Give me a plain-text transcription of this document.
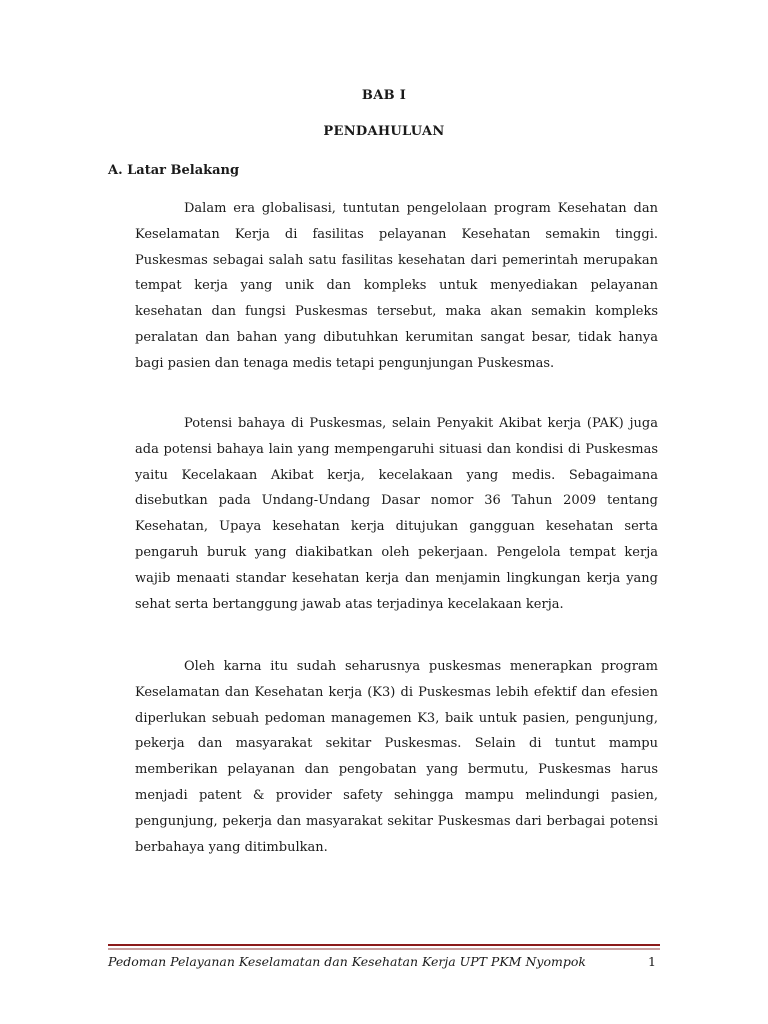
BAB I
PENDAHULUAN
A. Latar Belakang

Dalam era globalisasi, tuntutan pengelolaan program Kesehatan dan Keselamatan Kerja di fasilitas pelayanan Kesehatan semakin tinggi. Puskesmas sebagai salah satu fasilitas kesehatan dari pemerintah merupakan tempat kerja yang unik dan kompleks untuk menyediakan pelayanan kesehatan dan fungsi Puskesmas tersebut, maka akan semakin kompleks peralatan dan bahan yang dibutuhkan kerumitan sangat besar, tidak hanya bagi pasien dan tenaga medis tetapi pengunjungan Puskesmas.

Potensi bahaya di Puskesmas, selain Penyakit Akibat kerja (PAK) juga ada potensi bahaya lain yang mempengaruhi situasi dan kondisi di Puskesmas yaitu Kecelakaan Akibat kerja, kecelakaan yang medis. Sebagaimana disebutkan pada Undang-Undang Dasar nomor 36 Tahun 2009 tentang Kesehatan, Upaya kesehatan kerja ditujukan gangguan kesehatan serta pengaruh buruk yang diakibatkan oleh pekerjaan. Pengelola tempat kerja wajib menaati standar kesehatan kerja dan menjamin lingkungan kerja yang sehat serta bertanggung jawab atas terjadinya kecelakaan kerja.

Oleh karna itu sudah seharusnya puskesmas menerapkan program Keselamatan dan Kesehatan kerja (K3) di Puskesmas lebih efektif dan efesien diperlukan sebuah pedoman managemen K3, baik untuk pasien, pengunjung, pekerja dan masyarakat sekitar Puskesmas. Selain di tuntut mampu memberikan pelayanan dan pengobatan yang bermutu, Puskesmas harus menjadi patent & provider safety sehingga mampu melindungi pasien, pengunjung, pekerja dan masyarakat sekitar Puskesmas dari berbagai potensi berbahaya yang ditimbulkan.

Pedoman Pelayanan Keselamatan dan Kesehatan Kerja UPT PKM Nyompok	1
